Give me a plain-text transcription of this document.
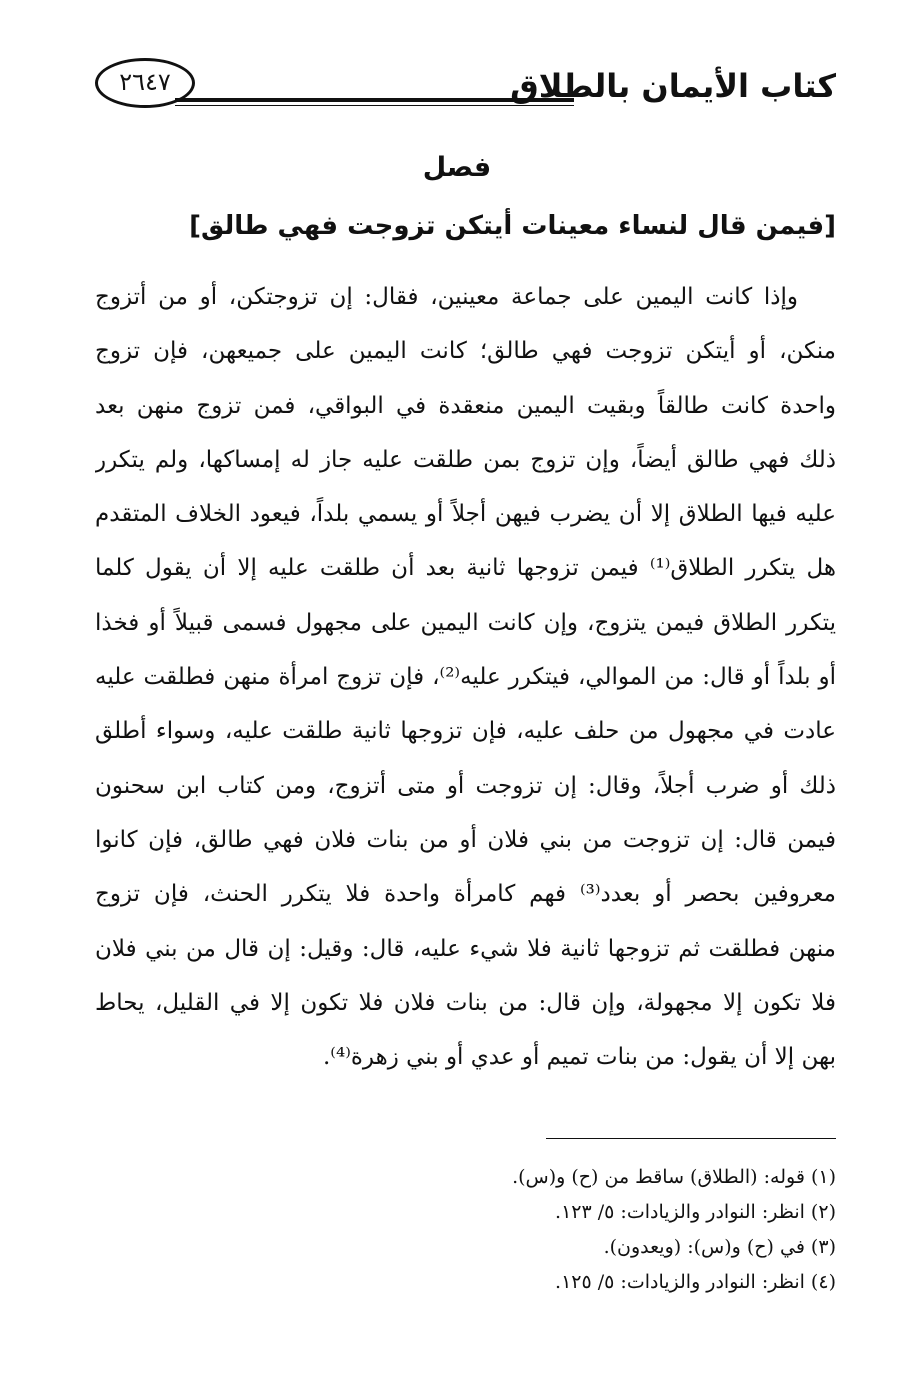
كتاب الأيمان بالطلاق
٢٦٤٧
فصل
[فيمن قال لنساء معينات أيتكن تزوجت فهي طالق]
وإذا كانت اليمين على جماعة معينين، فقال: إن تزوجتكن، أو من أتزوج
منكن، أو أيتكن تزوجت فهي طالق؛ كانت اليمين على جميعهن، فإن تزوج
واحدة كانت طالقاً وبقيت اليمين منعقدة في البواقي، فمن تزوج منهن بعد
ذلك فهي طالق أيضاً، وإن تزوج بمن طلقت عليه جاز له إمساكها، ولم يتكرر
عليه فيها الطلاق إلا أن يضرب فيهن أجلاً أو يسمي بلداً، فيعود الخلاف المتقدم
هل يتكرر الطلاق⁽¹⁾ فيمن تزوجها ثانية بعد أن طلقت عليه إلا أن يقول كلما
يتكرر الطلاق فيمن يتزوج، وإن كانت اليمين على مجهول فسمى قبيلاً أو فخذا
أو بلداً أو قال: من الموالي، فيتكرر عليه⁽²⁾، فإن تزوج امرأة منهن فطلقت عليه
عادت في مجهول من حلف عليه، فإن تزوجها ثانية طلقت عليه، وسواء أطلق
ذلك أو ضرب أجلاً، وقال: إن تزوجت أو متى أتزوج، ومن كتاب ابن سحنون
فيمن قال: إن تزوجت من بني فلان أو من بنات فلان فهي طالق، فإن كانوا
معروفين بحصر أو بعدد⁽³⁾ فهم كامرأة واحدة فلا يتكرر الحنث، فإن تزوج
منهن فطلقت ثم تزوجها ثانية فلا شيء عليه، قال: وقيل: إن قال من بني فلان
فلا تكون إلا مجهولة، وإن قال: من بنات فلان فلا تكون إلا في القليل، يحاط
بهن إلا أن يقول: من بنات تميم أو عدي أو بني زهرة⁽⁴⁾.
(١) قوله: (الطلاق) ساقط من (ح) و(س).
(٢) انظر: النوادر والزيادات: ٥/ ١٢٣.
(٣) في (ح) و(س): (ويعدون).
(٤) انظر: النوادر والزيادات: ٥/ ١٢٥.
